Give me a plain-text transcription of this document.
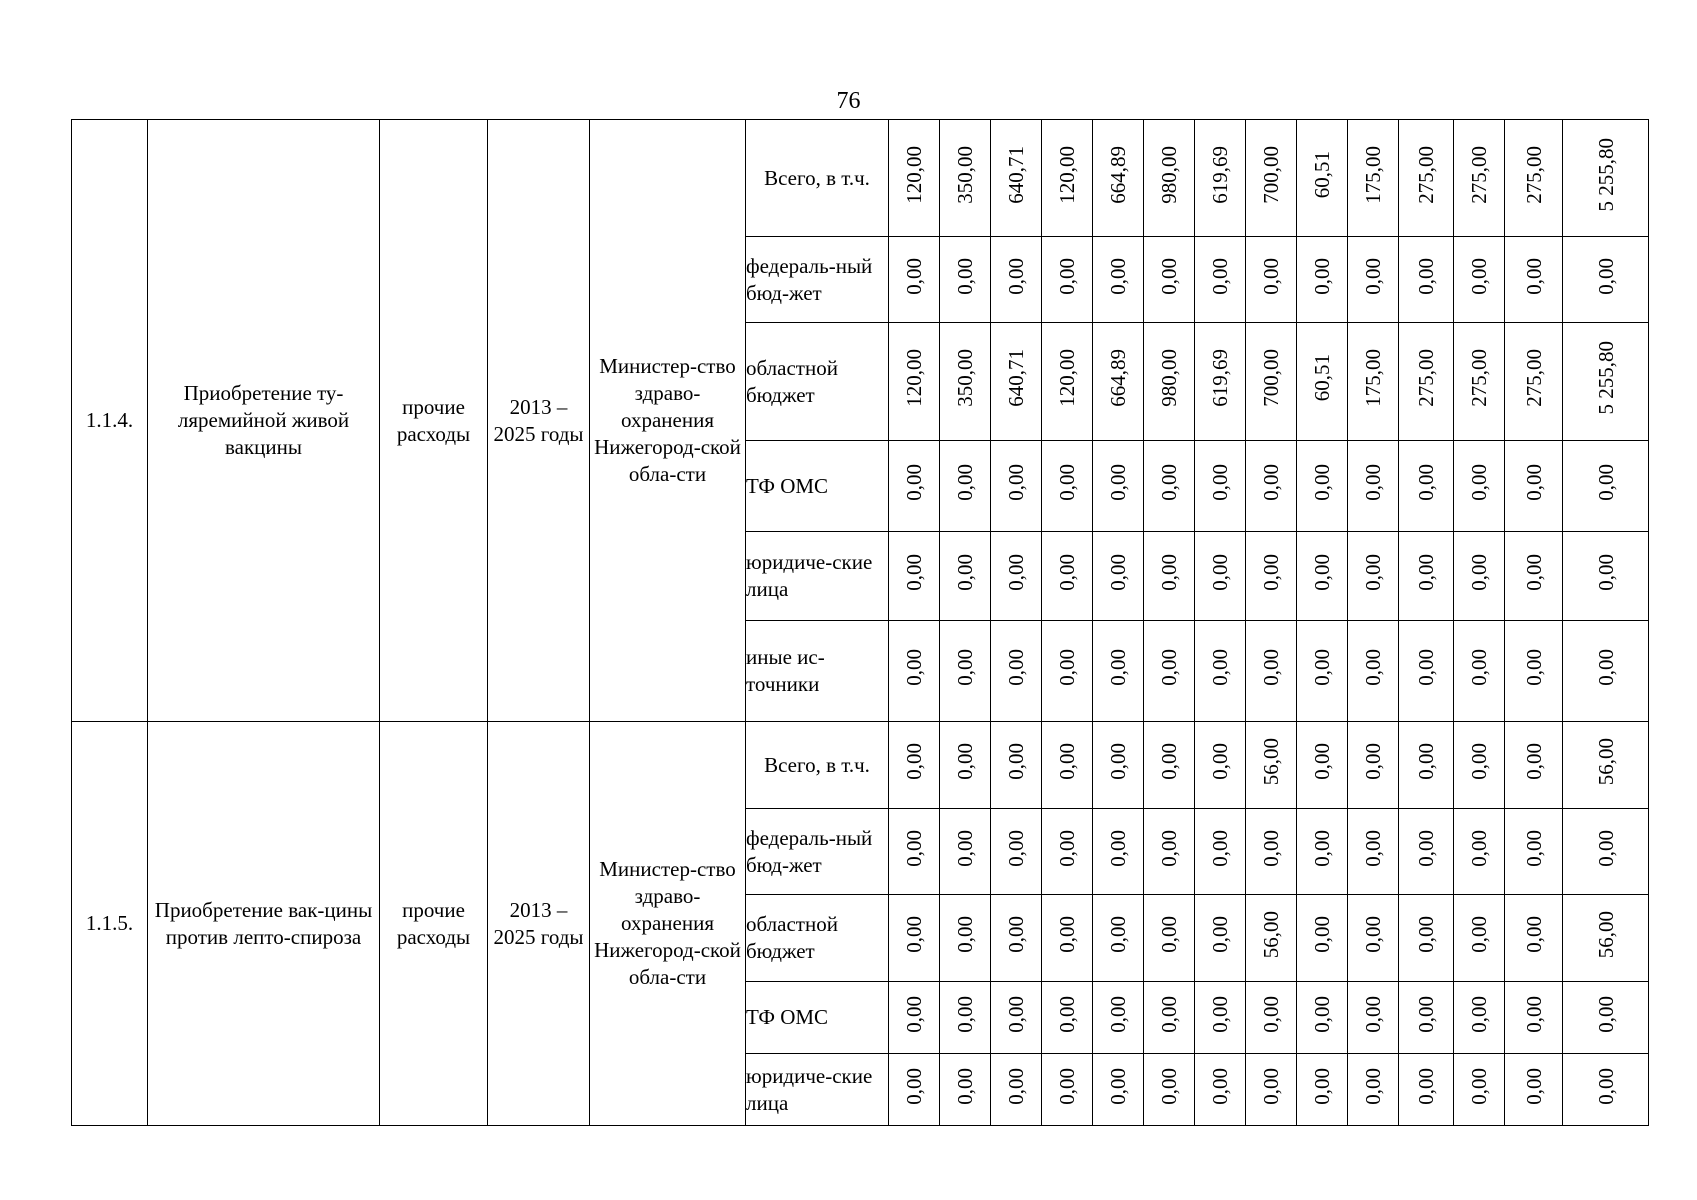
76
1.1.4.	Приобретение ту-ляремийной живой вакцины	прочие расходы	2013 – 2025 годы	Министер-ство здраво-охранения Нижегород-ской обла-сти	Всего, в т.ч.	120,00	350,00	640,71	120,00	664,89	980,00	619,69	700,00	60,51	175,00	275,00	275,00	275,00	5 255,80
					федераль-ный бюд-жет	0,00	0,00	0,00	0,00	0,00	0,00	0,00	0,00	0,00	0,00	0,00	0,00	0,00	0,00
					областной бюджет	120,00	350,00	640,71	120,00	664,89	980,00	619,69	700,00	60,51	175,00	275,00	275,00	275,00	5 255,80
					ТФ ОМС	0,00	0,00	0,00	0,00	0,00	0,00	0,00	0,00	0,00	0,00	0,00	0,00	0,00	0,00
					юридиче-ские лица	0,00	0,00	0,00	0,00	0,00	0,00	0,00	0,00	0,00	0,00	0,00	0,00	0,00	0,00
					иные ис-точники	0,00	0,00	0,00	0,00	0,00	0,00	0,00	0,00	0,00	0,00	0,00	0,00	0,00	0,00
1.1.5.	Приобретение вак-цины против лепто-спироза	прочие расходы	2013 – 2025 годы	Министер-ство здраво-охранения Нижегород-ской обла-сти	Всего, в т.ч.	0,00	0,00	0,00	0,00	0,00	0,00	0,00	56,00	0,00	0,00	0,00	0,00	0,00	56,00
					федераль-ный бюд-жет	0,00	0,00	0,00	0,00	0,00	0,00	0,00	0,00	0,00	0,00	0,00	0,00	0,00	0,00
					областной бюджет	0,00	0,00	0,00	0,00	0,00	0,00	0,00	56,00	0,00	0,00	0,00	0,00	0,00	56,00
					ТФ ОМС	0,00	0,00	0,00	0,00	0,00	0,00	0,00	0,00	0,00	0,00	0,00	0,00	0,00	0,00
					юридиче-ские лица	0,00	0,00	0,00	0,00	0,00	0,00	0,00	0,00	0,00	0,00	0,00	0,00	0,00	0,00
